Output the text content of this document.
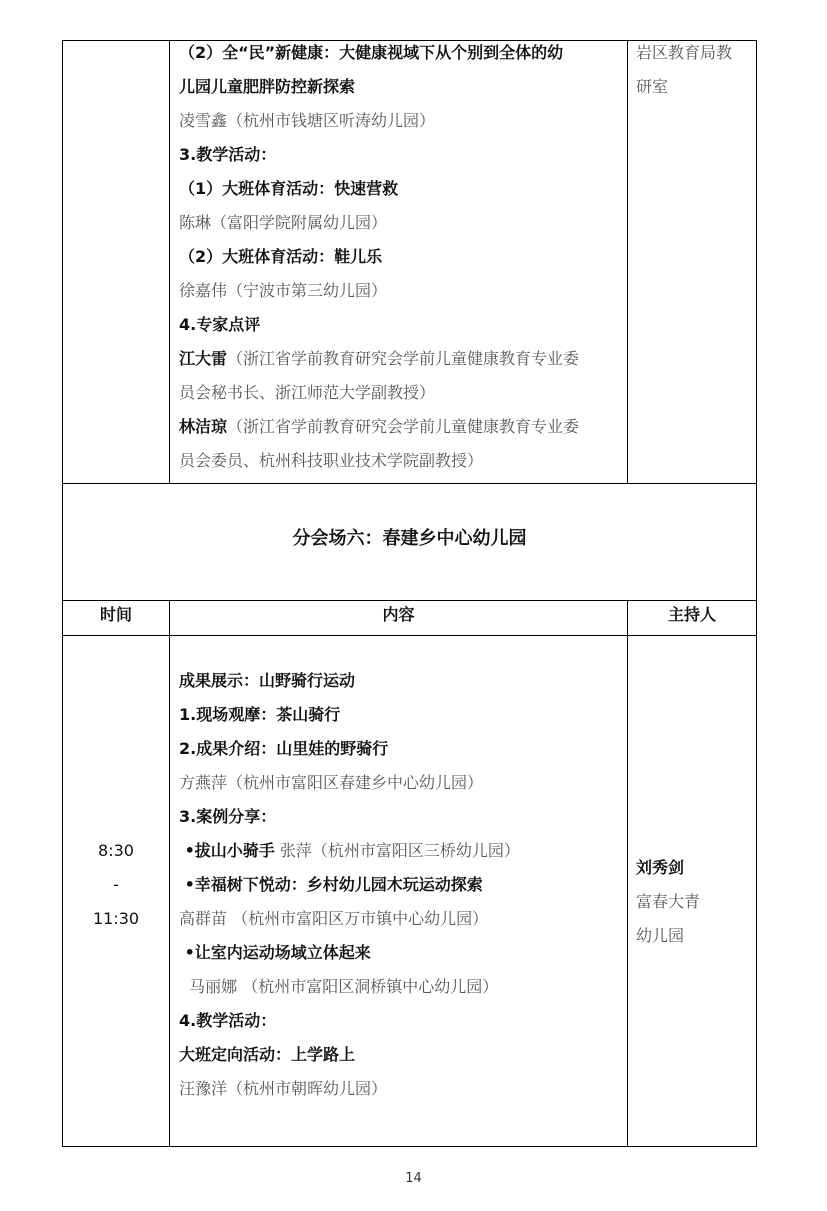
（2）全“民”新健康：大健康视域下从个别到全体的幼
儿园儿童肥胖防控新探索
凌雪鑫（杭州市钱塘区听涛幼儿园）
3.教学活动：
（1）大班体育活动：快速营救
陈琳（富阳学院附属幼儿园）
（2）大班体育活动：鞋儿乐
徐嘉伟（宁波市第三幼儿园）
4.专家点评
江大雷（浙江省学前教育研究会学前儿童健康教育专业委
员会秘书长、浙江师范大学副教授）
林洁琼（浙江省学前教育研究会学前儿童健康教育专业委
员会委员、杭州科技职业技术学院副教授）
岩区教育局教
研室
分会场六：春建乡中心幼儿园
时间	内容	主持人
8:30
-
11:30
成果展示：山野骑行运动
1.现场观摩：茶山骑行
2.成果介绍：山里娃的野骑行
方燕萍（杭州市富阳区春建乡中心幼儿园）
3.案例分享：
•拔山小骑手 张萍（杭州市富阳区三桥幼儿园）
•幸福树下悦动：乡村幼儿园木玩运动探索
高群苗 （杭州市富阳区万市镇中心幼儿园）
•让室内运动场域立体起来
马丽娜 （杭州市富阳区洞桥镇中心幼儿园）
4.教学活动：
大班定向活动：上学路上
汪豫洋（杭州市朝晖幼儿园）
刘秀剑
富春大青
幼儿园
14
